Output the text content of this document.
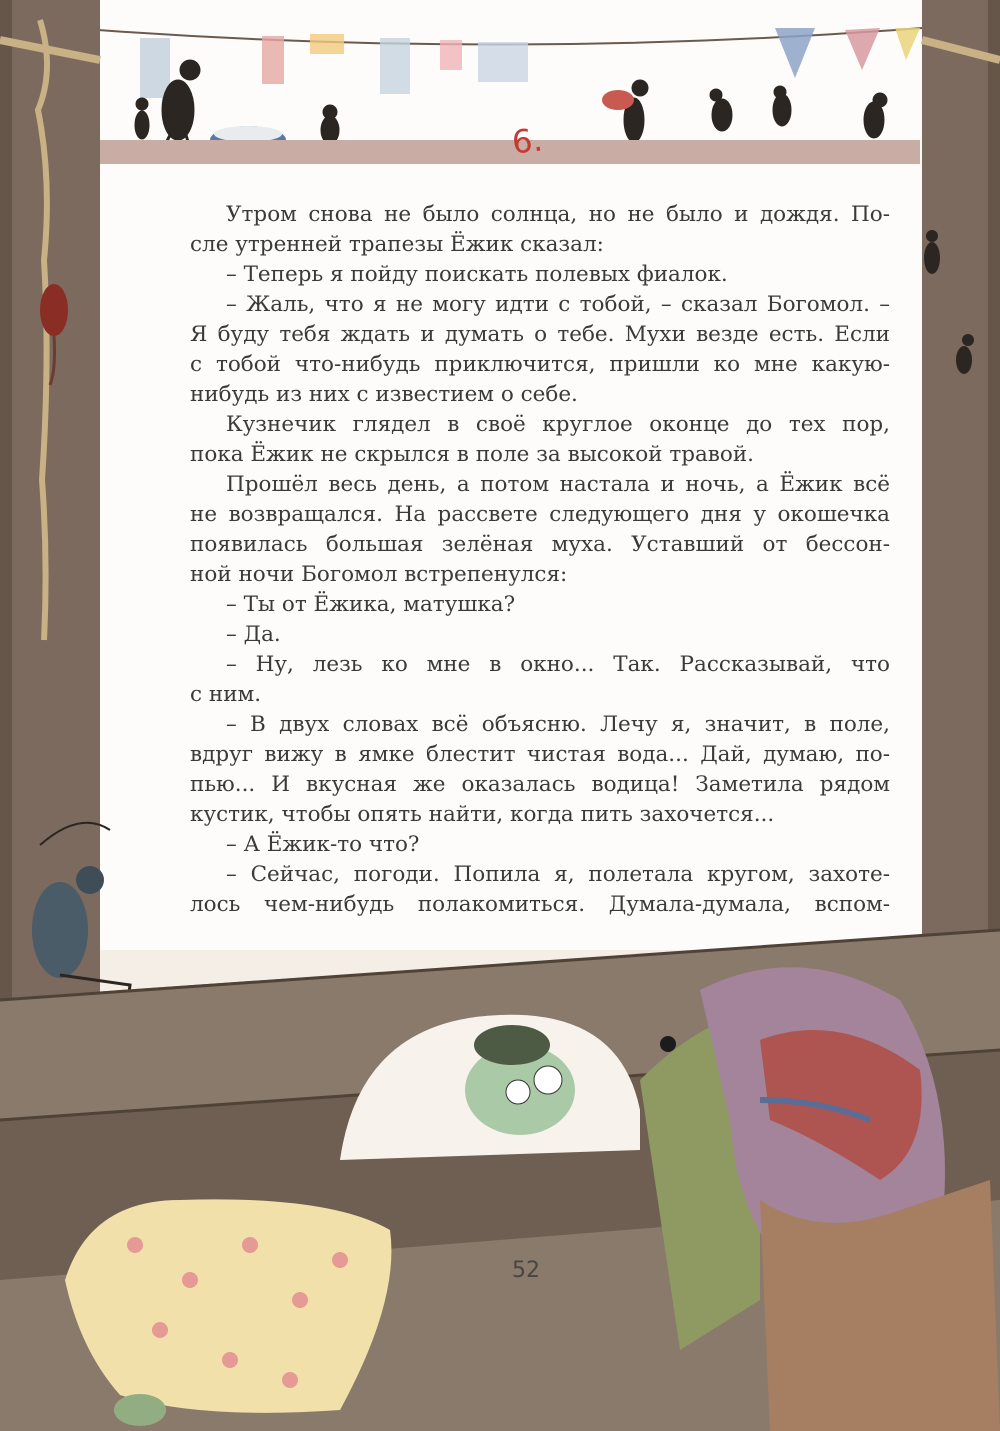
6.

Утром снова не было солнца, но не было и дождя. По-

сле утренней трапезы Ёжик сказал:

– Теперь я пойду поискать полевых фиалок.

– Жаль, что я не могу идти с тобой, – сказал Богомол. –

Я буду тебя ждать и думать о тебе. Мухи везде есть. Если

с тобой что-нибудь приключится, пришли ко мне какую-

нибудь из них с известием о себе.

Кузнечик глядел в своё круглое оконце до тех пор,

пока Ёжик не скрылся в поле за высокой травой.

Прошёл весь день, а потом настала и ночь, а Ёжик всё

не возвращался. На рассвете следующего дня у окошечка

появилась большая зелёная муха. Уставший от бессон-

ной ночи Богомол встрепенулся:

– Ты от Ёжика, матушка?

– Да.

– Ну, лезь ко мне в окно... Так. Рассказывай, что

с ним.

– В двух словах всё объясню. Лечу я, значит, в поле,

вдруг вижу в ямке блестит чистая вода... Дай, думаю, по-

пью... И вкусная же оказалась водица! Заметила рядом

кустик, чтобы опять найти, когда пить захочется...

– А Ёжик-то что?

– Сейчас, погоди. Попила я, полетала кругом, захоте-

лось чем-нибудь полакомиться. Думала-думала, вспом-

52
